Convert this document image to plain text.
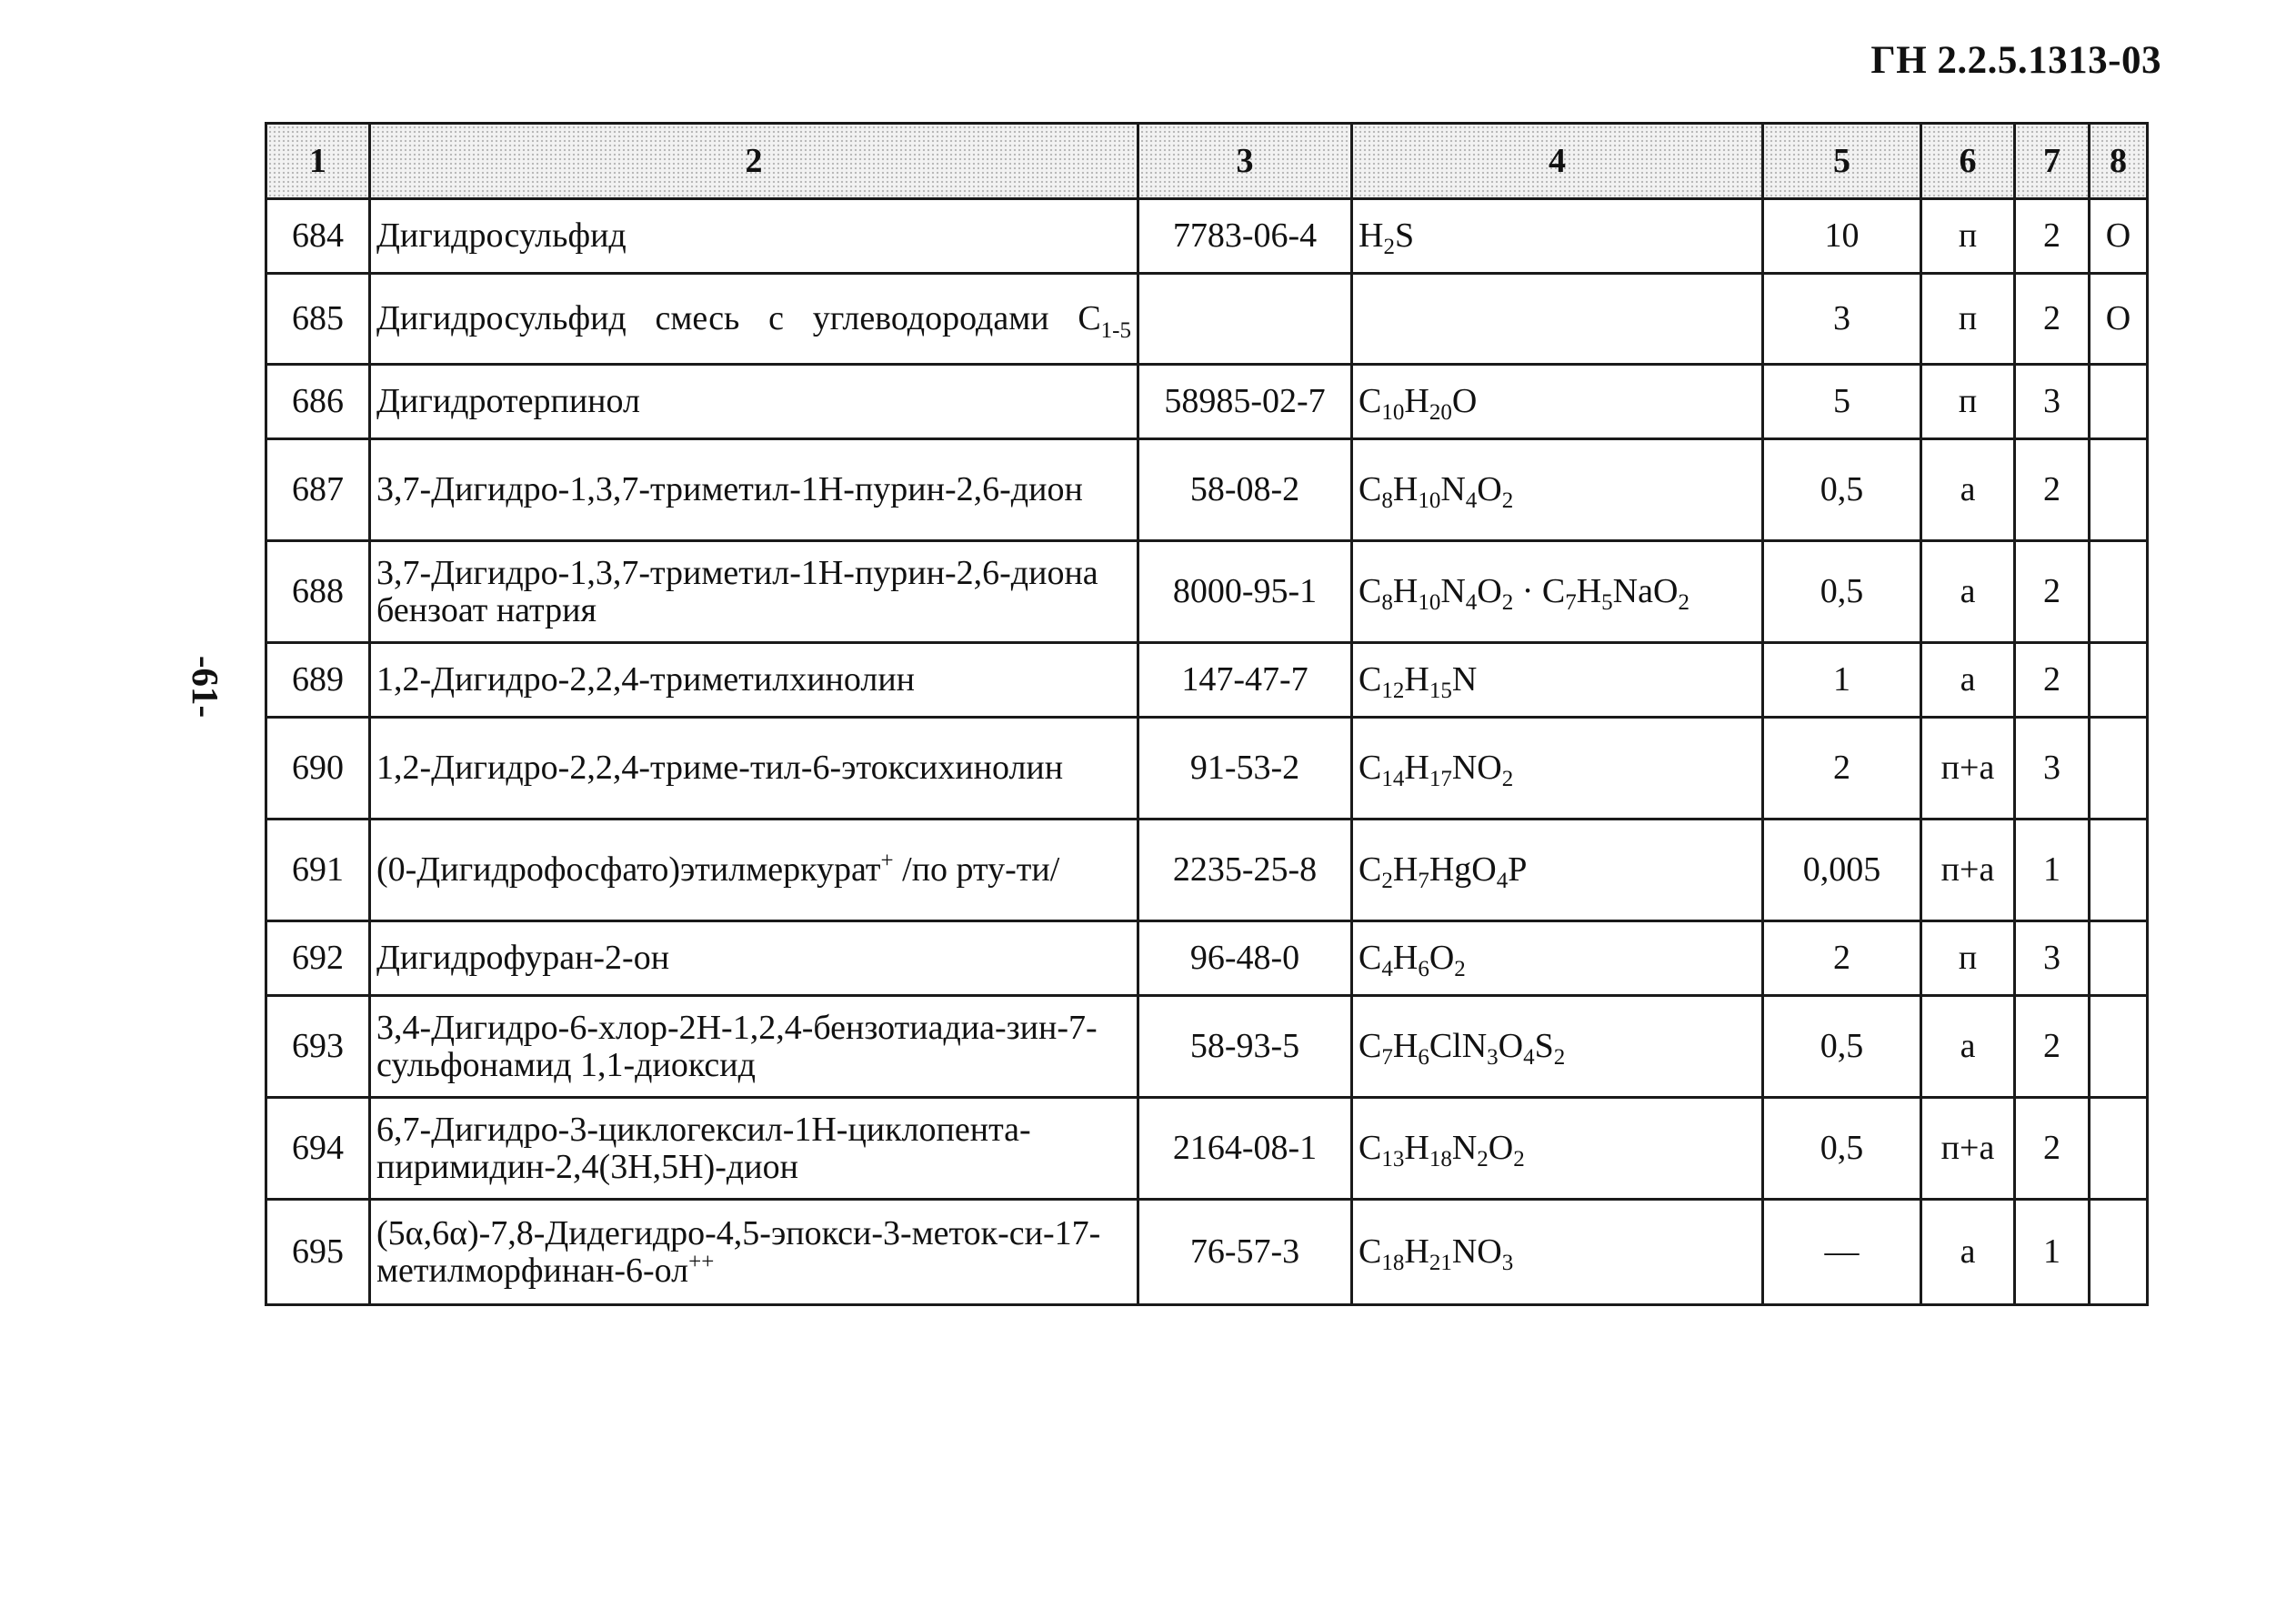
ГН 2.2.5.1313-03
-61-
1	2	3	4	5	6	7	8
684	Дигидросульфид	7783-06-4	$H_2S$	10	п	2	О
685	Дигидросульфид смесь с углеводородами $C_{1-5}$			3	п	2	О
686	Дигидротерпинол	58985-02-7	$C_{10}H_{20}O$	5	п	3	
687	3,7-Дигидро-1,3,7-триметил-1Н-пурин-2,6-дион	58-08-2	$C_8H_{10}N_4O_2$	0,5	а	2	
688	3,7-Дигидро-1,3,7-триметил-1Н-пурин-2,6-диона бензоат натрия	8000-95-1	$C_8H_{10}N_4O_2 \cdot C_7H_5NaO_2$	0,5	а	2	
689	1,2-Дигидро-2,2,4-триметилхинолин	147-47-7	$C_{12}H_{15}N$	1	а	2	
690	1,2-Дигидро-2,2,4-триме-тил-6-этоксихинолин	91-53-2	$C_{14}H_{17}NO_2$	2	п+а	3	
691	(0-Дигидрофосфато)этилмеркурат+ /по рту-ти/	2235-25-8	$C_2H_7HgO_4P$	0,005	п+а	1	
692	Дигидрофуран-2-он	96-48-0	$C_4H_6O_2$	2	п	3	
693	3,4-Дигидро-6-хлор-2Н-1,2,4-бензотиадиа-зин-7-сульфонамид 1,1-диоксид	58-93-5	$C_7H_6ClN_3O_4S_2$	0,5	а	2	
694	6,7-Дигидро-3-циклогексил-1Н-циклопента-пиримидин-2,4(3Н,5Н)-дион	2164-08-1	$C_{13}H_{18}N_2O_2$	0,5	п+а	2	
695	(5α,6α)-7,8-Дидегидро-4,5-эпокси-3-меток-си-17-метилморфинан-6-ол++	76-57-3	$C_{18}H_{21}NO_3$	—	а	1	
